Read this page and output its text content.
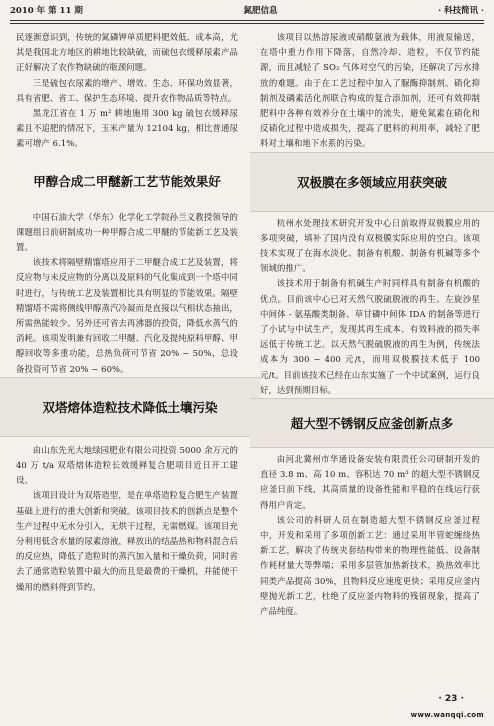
2010 年 第 11 期	氮肥信息	· 科技简讯 ·

民逐渐意识到，传统的氮磷钾单质肥料肥效低、成本高，尤其是我国北方地区的耕地比较缺硫，而硫包衣缓释尿素产品正好解决了农作物缺硫的瓶颈问题。

三是硫包衣尿素的增产、增效、生态、环保功效显著，具有省肥、省工、保护生态环境、提升农作物品质等特点。

黑龙江省在 1 万 m² 耕地施用 300 kg 硫包衣缓释尿素且不追肥的情况下，玉米产量为 12104 kg，相比普通尿素可增产 6.1%。

甲醇合成二甲醚新工艺节能效果好

中国石油大学（华东）化学化工学院孙兰义教授领导的课题组日前研制成功一种甲醇合成二甲醚的节能新工艺及装置。

该技术将隔壁精馏塔应用于二甲醚合成工艺及装置，将反应物与未反应物的分离以及原料的气化集成到一个塔中同时进行，与传统工艺及装置相比具有明显的节能效果。隔壁精馏塔不需将侧线甲醇蒸汽冷凝而是直接以气相状态抽出，所需热能较少。另外还可省去再沸器的投资，降低水蒸气的消耗。该项发明兼有回收二甲醚、汽化及提纯原料甲醇、甲醇回收等多重功能，总热负荷可节省 20% ~ 50%，总设备投资可节省 20% ~ 60%。

双塔熔体造粒技术降低土壤污染

由山东先光大地绿园肥业有限公司投资 5000 余万元的 40 万 t/a 双塔熔体造粒长效缓释复合肥项目近日开工建设。

该项目设计为双塔造型，是在单塔造粒复合肥生产装置基础上进行的重大创新和突破。该项目技术的创新点是整个生产过程中无水分引入，无烘干过程，无需燃煤。该项目充分利用低含水量的尿素溶液，释放出的结晶热和物料混合后的反应热，降低了造粒时的蒸汽加入量和干燥负荷，同时省去了通常造粒装置中最大的而且是最费的干燥机，并能使干燥用的燃料得到节约。

该项目以热溶尿液或硝酸氨液为载体，用液泵输送，在塔中重力作用下降落，自然冷却、造粒，不仅节约能源，而且减轻了 SO₂ 气体对空气的污染，还解决了污水排放的难题。由于在工艺过程中加入了脲酶抑制剂、硝化抑制剂及磷素活化剂联合构成的复合添加剂，还可有效抑制肥料中各种有效养分在土壤中的流失，避免氮素在硝化和反硝化过程中造成损失，提高了肥料的利用率，减轻了肥料对土壤和地下水系的污染。

双极膜在多领域应用获突破

杭州水处理技术研究开发中心日前取得双极膜应用的多项突破，填补了国内没有双极膜实际应用的空白。该项技术实现了在海水淡化、制备有机酸、制备有机碱等多个领域的推广。

该技术用于制备有机碱生产时同样具有制备有机酸的优点。目前该中心已对天然气脱硫脱液的再生、左旋沙星中间体 - 氨基酸类制备、草甘磷中间体 IDA 的制备等进行了小试与中试生产，发现其再生成本、有效料液的损失率远低于传统工艺。以天然气脱硫脱液的再生为例，传统法成本为 300 ~ 400 元/t，而用双极膜技术低于 100 元/t。目前该技术已经在山东实施了一个中试案例，运行良好，达到预期目标。

超大型不锈钢反应釜创新点多

由河北冀州市华通设备安装有限责任公司研制开发的直径 3.8 m、高 10 m、容积达 70 m³ 的超大型不锈钢反应釜日前下线，其高质量的设备性能和平稳的在线运行获得用户肯定。

该公司的科研人员在制造超大型不锈钢反应釜过程中，开发和采用了多项创新工艺：通过采用半管蛇缠绕热新工艺，解决了传统夹套结构带来的物理性能低、设备制作耗材量大等弊端；采用多层管加热新技术，换热效率比同类产品提高 30%，且物料反应速度更快；采用反应釜内壁抛光新工艺，杜绝了反应釜内物料的残留现象，提高了产品纯度。

· 23 ·
www.wanqqi.com
